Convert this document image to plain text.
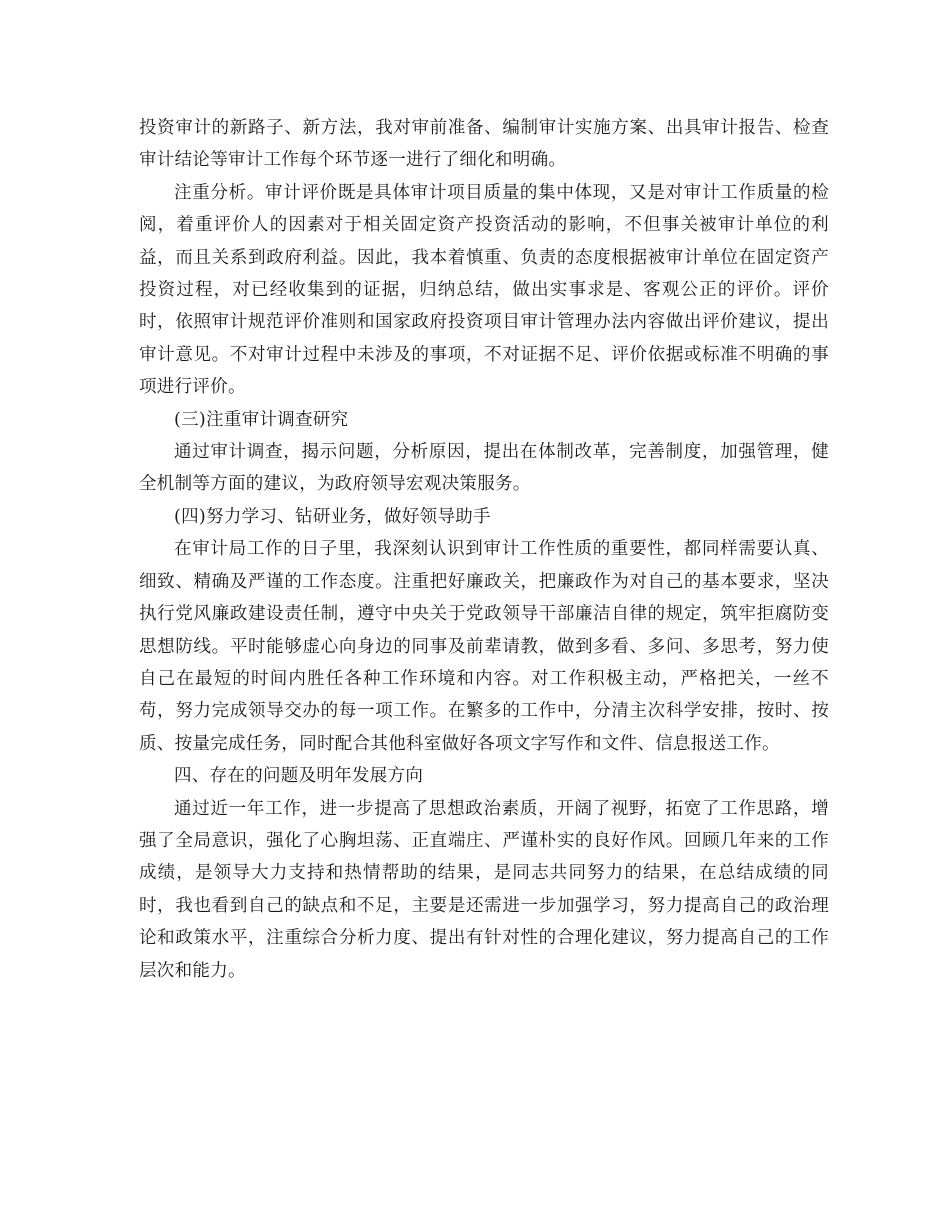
投资审计的新路子、新方法，我对审前准备、编制审计实施方案、出具审计报告、检查审计结论等审计工作每个环节逐一进行了细化和明确。

注重分析。审计评价既是具体审计项目质量的集中体现，又是对审计工作质量的检阅，着重评价人的因素对于相关固定资产投资活动的影响，不但事关被审计单位的利益，而且关系到政府利益。因此，我本着慎重、负责的态度根据被审计单位在固定资产投资过程，对已经收集到的证据，归纳总结，做出实事求是、客观公正的评价。评价时，依照审计规范评价准则和国家政府投资项目审计管理办法内容做出评价建议，提出审计意见。不对审计过程中未涉及的事项，不对证据不足、评价依据或标准不明确的事项进行评价。

(三)注重审计调查研究

通过审计调查，揭示问题，分析原因，提出在体制改革，完善制度，加强管理，健全机制等方面的建议，为政府领导宏观决策服务。

(四)努力学习、钻研业务，做好领导助手

在审计局工作的日子里，我深刻认识到审计工作性质的重要性，都同样需要认真、细致、精确及严谨的工作态度。注重把好廉政关，把廉政作为对自己的基本要求，坚决执行党风廉政建设责任制，遵守中央关于党政领导干部廉洁自律的规定，筑牢拒腐防变思想防线。平时能够虚心向身边的同事及前辈请教，做到多看、多问、多思考，努力使自己在最短的时间内胜任各种工作环境和内容。对工作积极主动，严格把关，一丝不苟，努力完成领导交办的每一项工作。在繁多的工作中，分清主次科学安排，按时、按质、按量完成任务，同时配合其他科室做好各项文字写作和文件、信息报送工作。

四、存在的问题及明年发展方向

通过近一年工作，进一步提高了思想政治素质，开阔了视野，拓宽了工作思路，增强了全局意识，强化了心胸坦荡、正直端庄、严谨朴实的良好作风。回顾几年来的工作成绩，是领导大力支持和热情帮助的结果，是同志共同努力的结果，在总结成绩的同时，我也看到自己的缺点和不足，主要是还需进一步加强学习，努力提高自己的政治理论和政策水平，注重综合分析力度、提出有针对性的合理化建议，努力提高自己的工作层次和能力。
